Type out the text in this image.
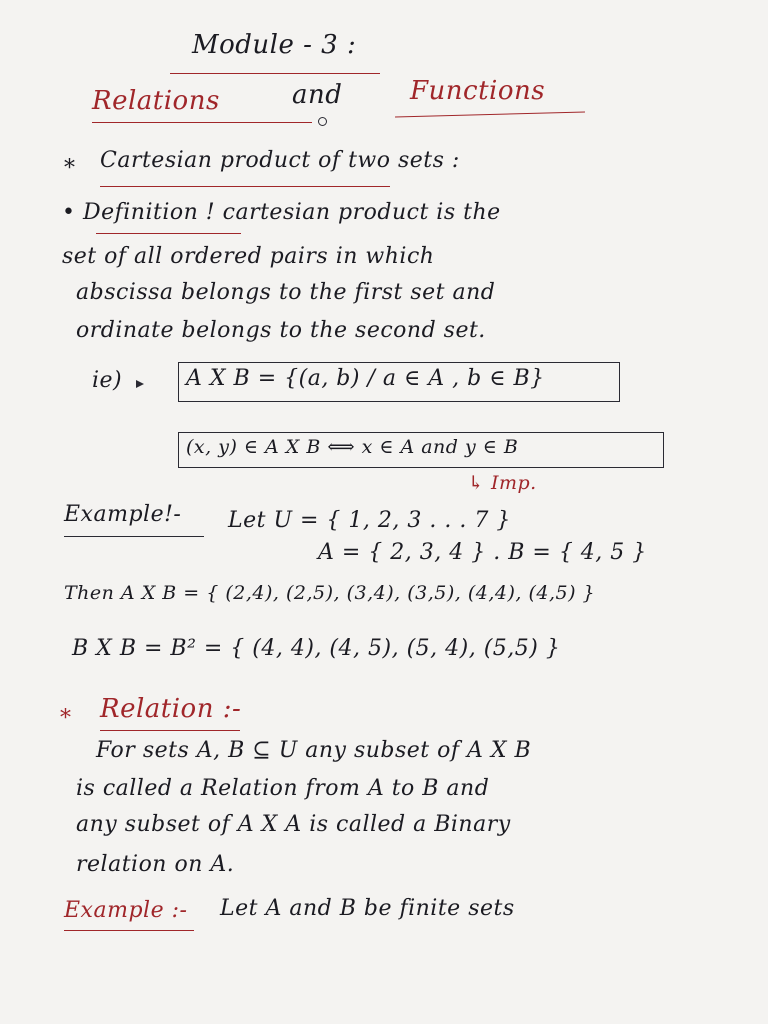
Module - 3 :
Relations	and	Functions
* Cartesian product of two sets :
• Definition ! cartesian product is the
set of all ordered pairs in which
abscissa belongs to the first set and
ordinate belongs to the second set.
ie)	A X B = {(a, b) / a ∈ A , b ∈ B}
(x, y) ∈ A X B ⟺ x ∈ A and y ∈ B
↳ Imp.
Example!- Let U = { 1, 2, 3 . . . 7 }
A = { 2, 3, 4 } . B = { 4, 5 }
Then A X B = { (2,4), (2,5), (3,4), (3,5), (4,4), (4,5) }
B X B = B² = { (4, 4), (4, 5), (5, 4), (5,5) }
* Relation :-
For sets A, B ⊆ U any subset of A X B
is called a Relation from A to B and
any subset of A X A is called a Binary
relation on A.
Example :- Let A and B be finite sets
